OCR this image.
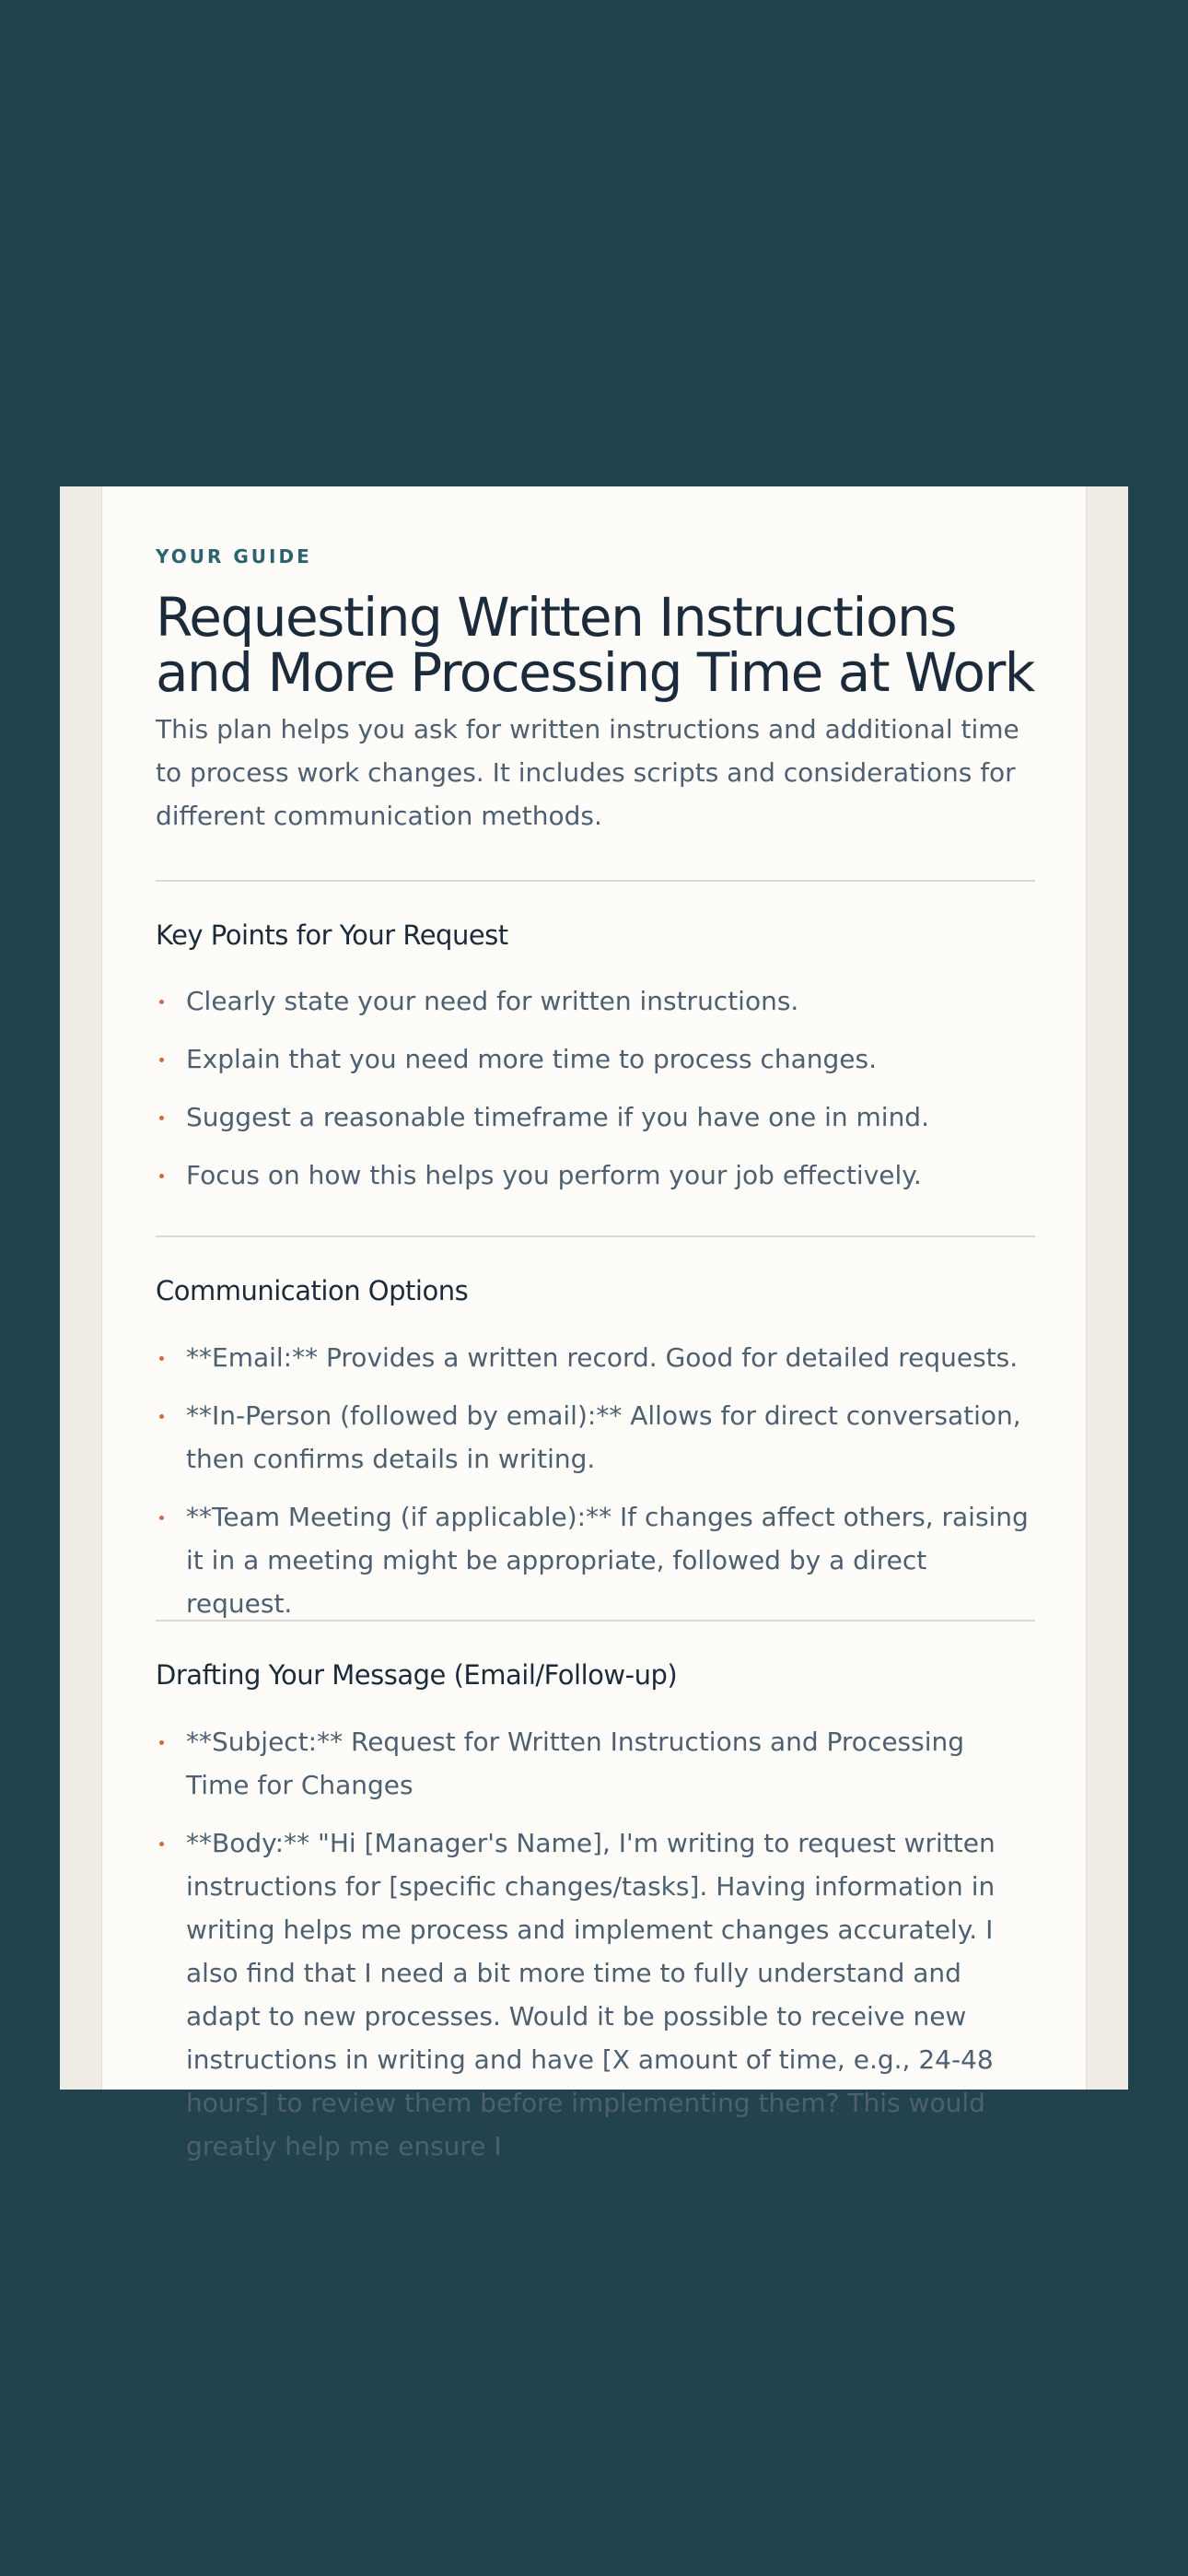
YOUR GUIDE
Requesting Written Instructions and More Processing Time at Work

This plan helps you ask for written instructions and additional time to process work changes. It includes scripts and considerations for different communication methods.

Key Points for Your Request
Clearly state your need for written instructions.
Explain that you need more time to process changes.
Suggest a reasonable timeframe if you have one in mind.
Focus on how this helps you perform your job effectively.
Communication Options
**Email:** Provides a written record. Good for detailed requests.
**In-Person (followed by email):** Allows for direct conversation, then confirms details in writing.
**Team Meeting (if applicable):** If changes affect others, raising it in a meeting might be appropriate, followed by a direct request.
Drafting Your Message (Email/Follow-up)
**Subject:** Request for Written Instructions and Processing Time for Changes
**Body:** "Hi [Manager's Name], I'm writing to request written instructions for [specific changes/tasks]. Having information in writing helps me process and implement changes accurately. I also find that I need a bit more time to fully understand and adapt to new processes. Would it be possible to receive new instructions in writing and have [X amount of time, e.g., 24-48 hours] to review them before implementing them? This would greatly help me ensure I
